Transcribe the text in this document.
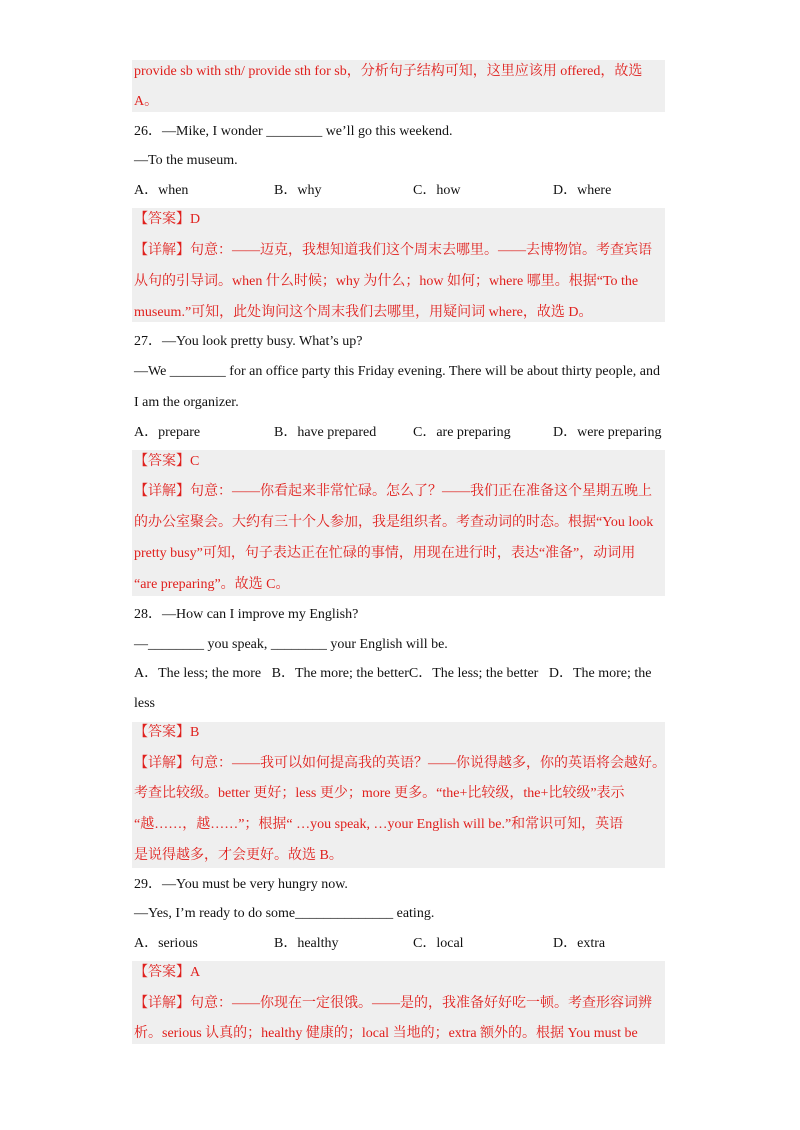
provide sb with sth/ provide sth for sb，分析句子结构可知，这里应该用 offered，故选
A。
26．—Mike, I wonder ________ we’ll go this weekend.
—To the museum.
A．when	B．why	C．how	D．where
【答案】D
【详解】句意：——迈克，我想知道我们这个周末去哪里。——去博物馆。考查宾语
从句的引导词。when 什么时候；why 为什么；how 如何；where 哪里。根据“To the
museum.”可知，此处询问这个周末我们去哪里，用疑问词 where，故选 D。
27．—You look pretty busy. What’s up?
—We ________ for an office party this Friday evening. There will be about thirty people, and
I am the organizer.
A．prepare	B．have prepared	C．are preparing	D．were preparing
【答案】C
【详解】句意：——你看起来非常忙碌。怎么了？——我们正在准备这个星期五晚上
的办公室聚会。大约有三十个人参加，我是组织者。考查动词的时态。根据“You look
pretty busy”可知，句子表达正在忙碌的事情，用现在进行时，表达“准备”，动词用
“are preparing”。故选 C。
28．—How can I improve my English?
—________ you speak, ________ your English will be.
A．The less; the more   B．The more; the betterC．The less; the better   D．The more; the
less
【答案】B
【详解】句意：——我可以如何提高我的英语？——你说得越多，你的英语将会越好。
考查比较级。better 更好；less 更少；more 更多。“the+比较级，the+比较级”表示
“越……，越……”；根据“ …you speak, …your English will be.”和常识可知，英语
是说得越多，才会更好。故选 B。
29．—You must be very hungry now.
—Yes, I’m ready to do some______________ eating.
A．serious	B．healthy	C．local	D．extra
【答案】A
【详解】句意：——你现在一定很饿。——是的，我准备好好吃一顿。考查形容词辨
析。serious 认真的；healthy 健康的；local 当地的；extra 额外的。根据 You must be
